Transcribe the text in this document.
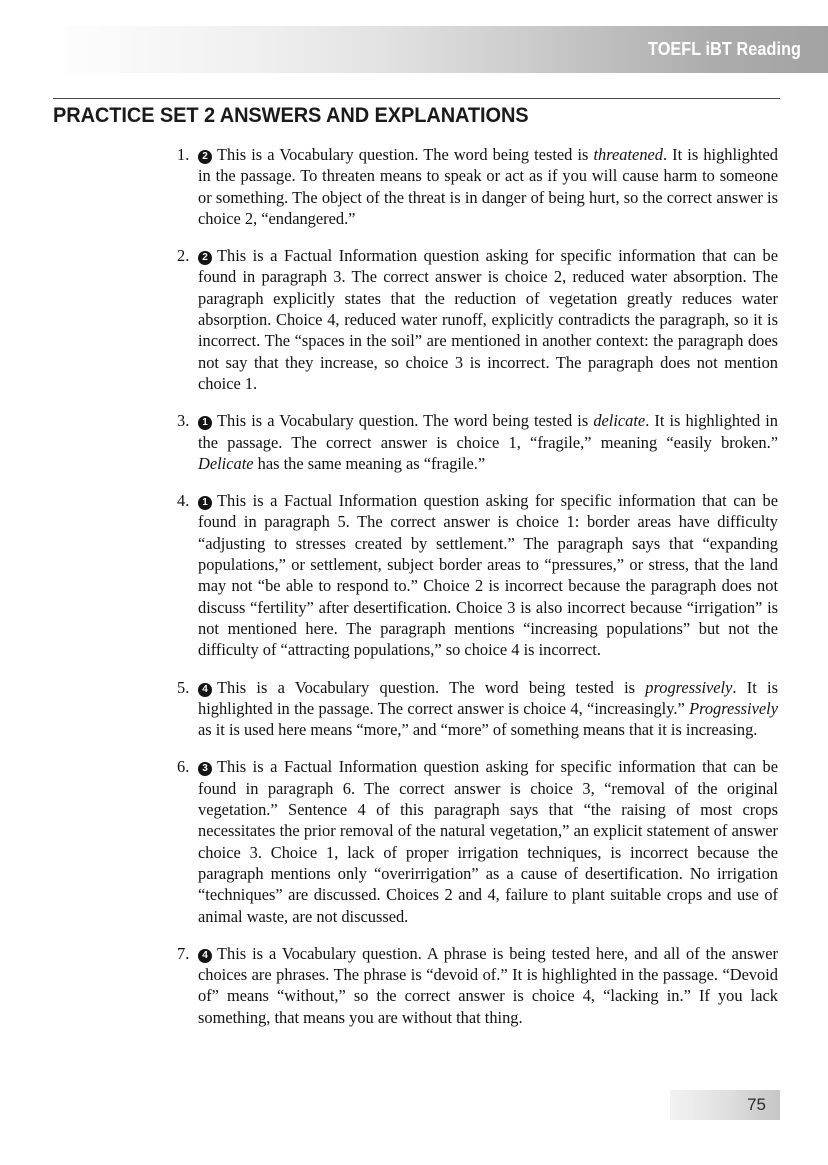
TOEFL iBT Reading
PRACTICE SET 2 ANSWERS AND EXPLANATIONS
1.	2 This is a Vocabulary question. The word being tested is threatened. It is highlighted in the passage. To threaten means to speak or act as if you will cause harm to someone or something. The object of the threat is in danger of being hurt, so the correct answer is choice 2, “endangered.”
2.	2 This is a Factual Information question asking for specific information that can be found in paragraph 3. The correct answer is choice 2, reduced water absorption. The paragraph explicitly states that the reduction of vegetation greatly reduces water absorption. Choice 4, reduced water runoff, explicitly contradicts the paragraph, so it is incorrect. The “spaces in the soil” are mentioned in another context: the paragraph does not say that they increase, so choice 3 is incorrect. The paragraph does not mention choice 1.
3.	1 This is a Vocabulary question. The word being tested is delicate. It is highlighted in the passage. The correct answer is choice 1, “fragile,” meaning “easily broken.” Delicate has the same meaning as “fragile.”
4.	1 This is a Factual Information question asking for specific information that can be found in paragraph 5. The correct answer is choice 1: border areas have difficulty “adjusting to stresses created by settlement.” The paragraph says that “expanding populations,” or settlement, subject border areas to “pressures,” or stress, that the land may not “be able to respond to.” Choice 2 is incorrect because the paragraph does not discuss “fertility” after desertification. Choice 3 is also incorrect because “irrigation” is not mentioned here. The paragraph mentions “increasing populations” but not the difficulty of “attracting populations,” so choice 4 is incorrect.
5.	4 This is a Vocabulary question. The word being tested is progressively. It is highlighted in the passage. The correct answer is choice 4, “increasingly.” Progressively as it is used here means “more,” and “more” of something means that it is increasing.
6.	3 This is a Factual Information question asking for specific information that can be found in paragraph 6. The correct answer is choice 3, “removal of the original vegetation.” Sentence 4 of this paragraph says that “the raising of most crops necessitates the prior removal of the natural vegetation,” an explicit statement of answer choice 3. Choice 1, lack of proper irrigation techniques, is incorrect because the paragraph mentions only “overirrigation” as a cause of desertification. No irrigation “techniques” are discussed. Choices 2 and 4, failure to plant suitable crops and use of animal waste, are not discussed.
7.	4 This is a Vocabulary question. A phrase is being tested here, and all of the answer choices are phrases. The phrase is “devoid of.” It is highlighted in the passage. “Devoid of” means “without,” so the correct answer is choice 4, “lacking in.” If you lack something, that means you are without that thing.
75
